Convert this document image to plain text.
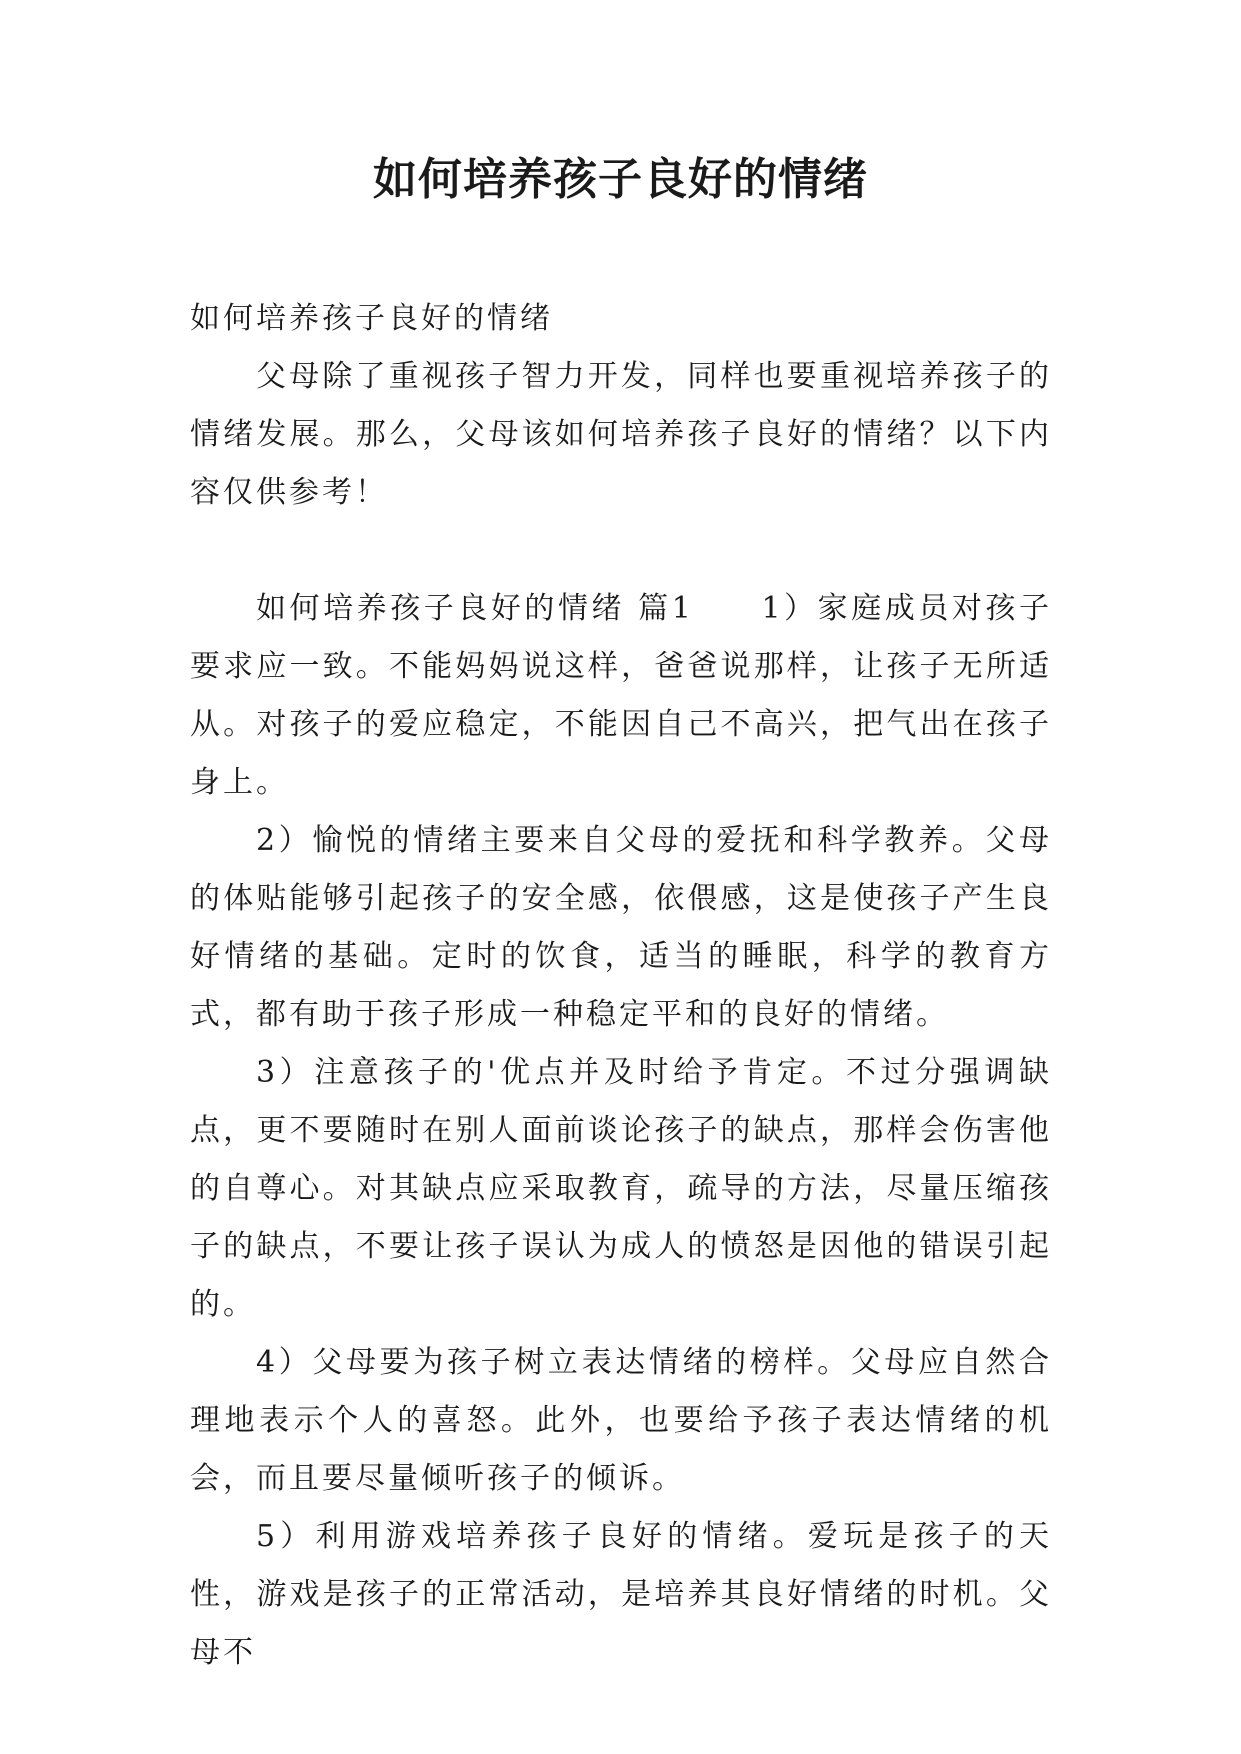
如何培养孩子良好的情绪

如何培养孩子良好的情绪

父母除了重视孩子智力开发，同样也要重视培养孩子的情绪发展。那么，父母该如何培养孩子良好的情绪？以下内容仅供参考！

如何培养孩子良好的情绪 篇1　　1）家庭成员对孩子要求应一致。不能妈妈说这样，爸爸说那样，让孩子无所适从。对孩子的爱应稳定，不能因自己不高兴，把气出在孩子身上。

2）愉悦的情绪主要来自父母的爱抚和科学教养。父母的体贴能够引起孩子的安全感，依偎感，这是使孩子产生良好情绪的基础。定时的饮食，适当的睡眠，科学的教育方式，都有助于孩子形成一种稳定平和的良好的情绪。

3）注意孩子的'优点并及时给予肯定。不过分强调缺点，更不要随时在别人面前谈论孩子的缺点，那样会伤害他的自尊心。对其缺点应采取教育，疏导的方法，尽量压缩孩子的缺点，不要让孩子误认为成人的愤怒是因他的错误引起的。

4）父母要为孩子树立表达情绪的榜样。父母应自然合理地表示个人的喜怒。此外，也要给予孩子表达情绪的机会，而且要尽量倾听孩子的倾诉。

5）利用游戏培养孩子良好的情绪。爱玩是孩子的天性，游戏是孩子的正常活动，是培养其良好情绪的时机。父母不
